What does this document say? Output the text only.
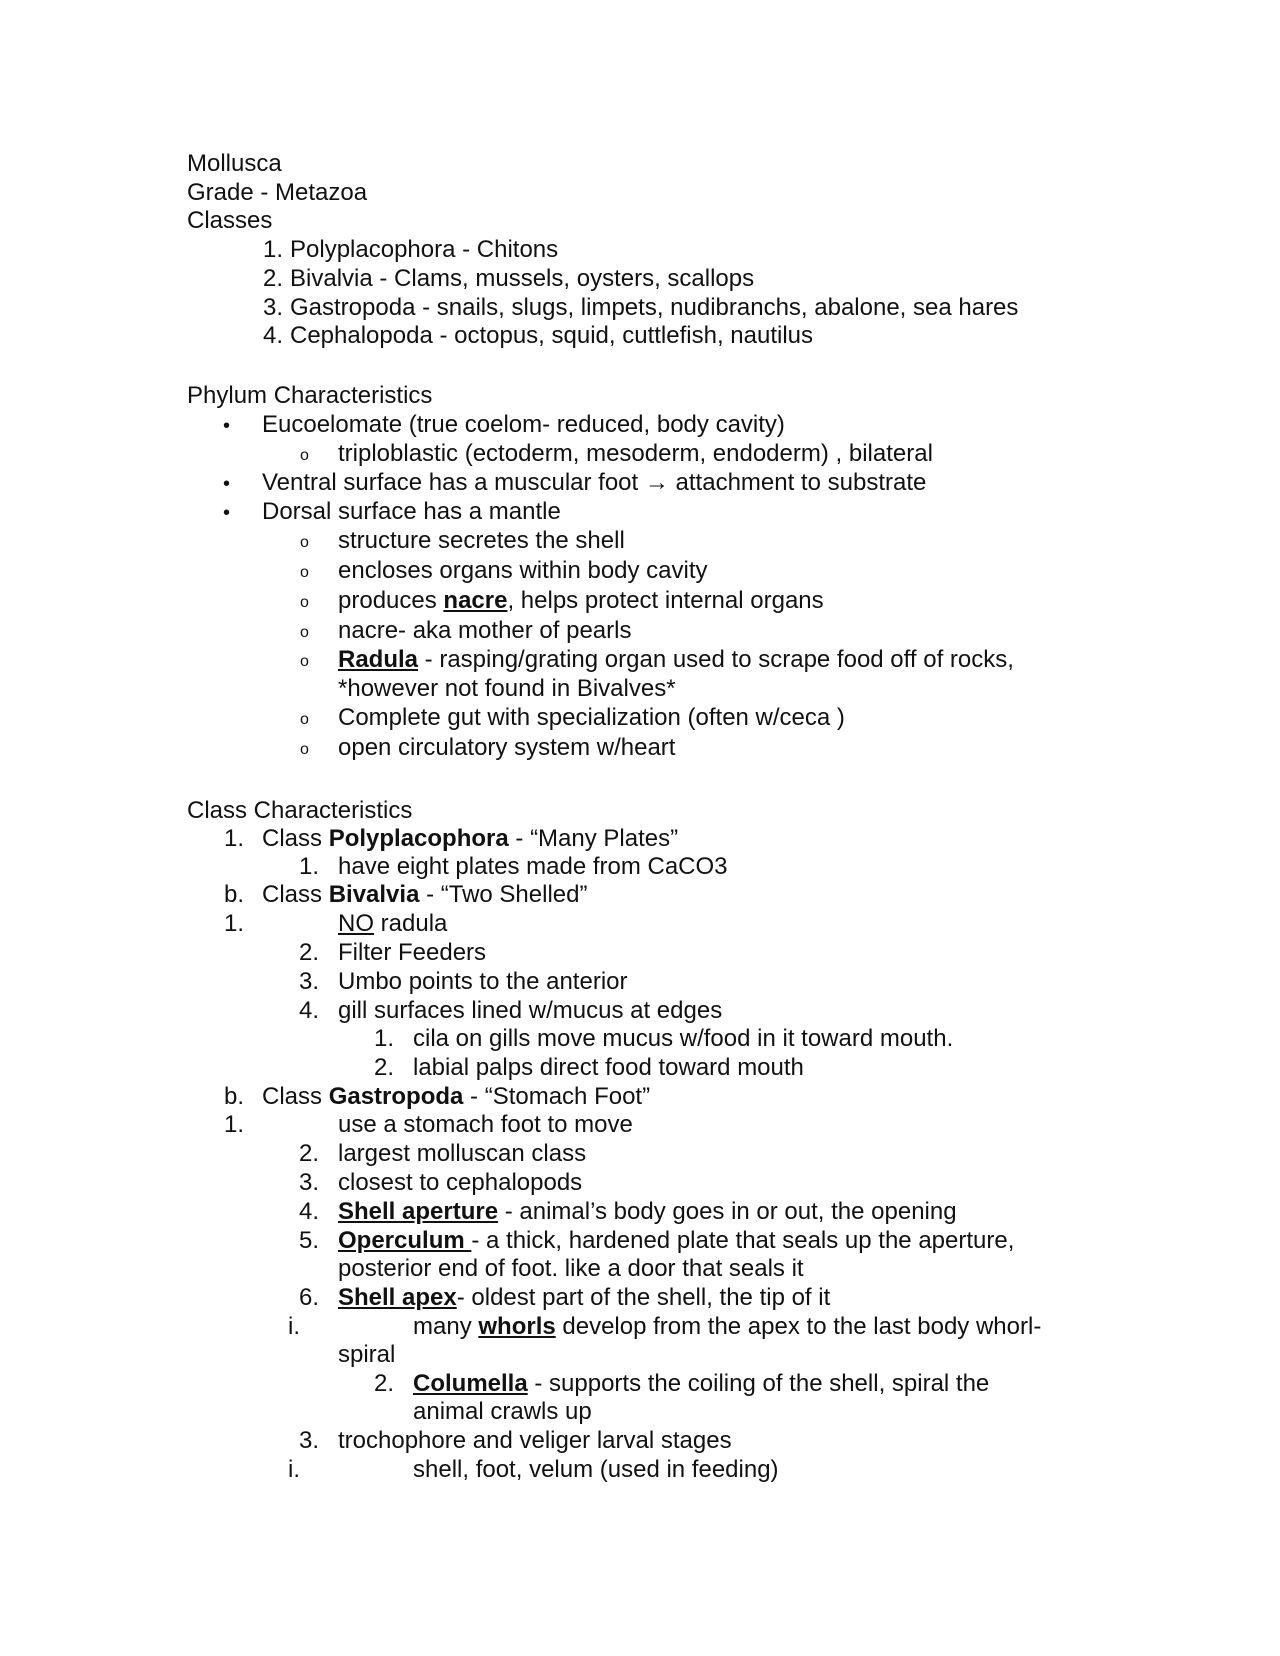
Mollusca
Grade - Metazoa
Classes
1. Polyplacophora - Chitons
2. Bivalvia - Clams, mussels, oysters, scallops
3. Gastropoda - snails, slugs, limpets, nudibranchs, abalone, sea hares
4. Cephalopoda - octopus, squid, cuttlefish, nautilus
Phylum Characteristics
• Eucoelomate (true coelom- reduced, body cavity)
o triploblastic (ectoderm, mesoderm, endoderm) , bilateral
• Ventral surface has a muscular foot → attachment to substrate
• Dorsal surface has a mantle
o structure secretes the shell
o encloses organs within body cavity
o produces nacre, helps protect internal organs
o nacre- aka mother of pearls
o Radula - rasping/grating organ used to scrape food off of rocks,
*however not found in Bivalves*
o Complete gut with specialization (often w/ceca )
o open circulatory system w/heart
Class Characteristics
1. Class Polyplacophora - “Many Plates”
1. have eight plates made from CaCO3
b. Class Bivalvia - “Two Shelled”
1.	NO radula
2. Filter Feeders
3. Umbo points to the anterior
4. gill surfaces lined w/mucus at edges
1. cila on gills move mucus w/food in it toward mouth.
2. labial palps direct food toward mouth
b. Class Gastropoda - “Stomach Foot”
1.	use a stomach foot to move
2. largest molluscan class
3. closest to cephalopods
4. Shell aperture - animal’s body goes in or out, the opening
5. Operculum - a thick, hardened plate that seals up the aperture,
posterior end of foot. like a door that seals it
6. Shell apex- oldest part of the shell, the tip of it
i.	many whorls develop from the apex to the last body whorl-
spiral
2. Columella - supports the coiling of the shell, spiral the
animal crawls up
3. trochophore and veliger larval stages
i.	shell, foot, velum (used in feeding)
